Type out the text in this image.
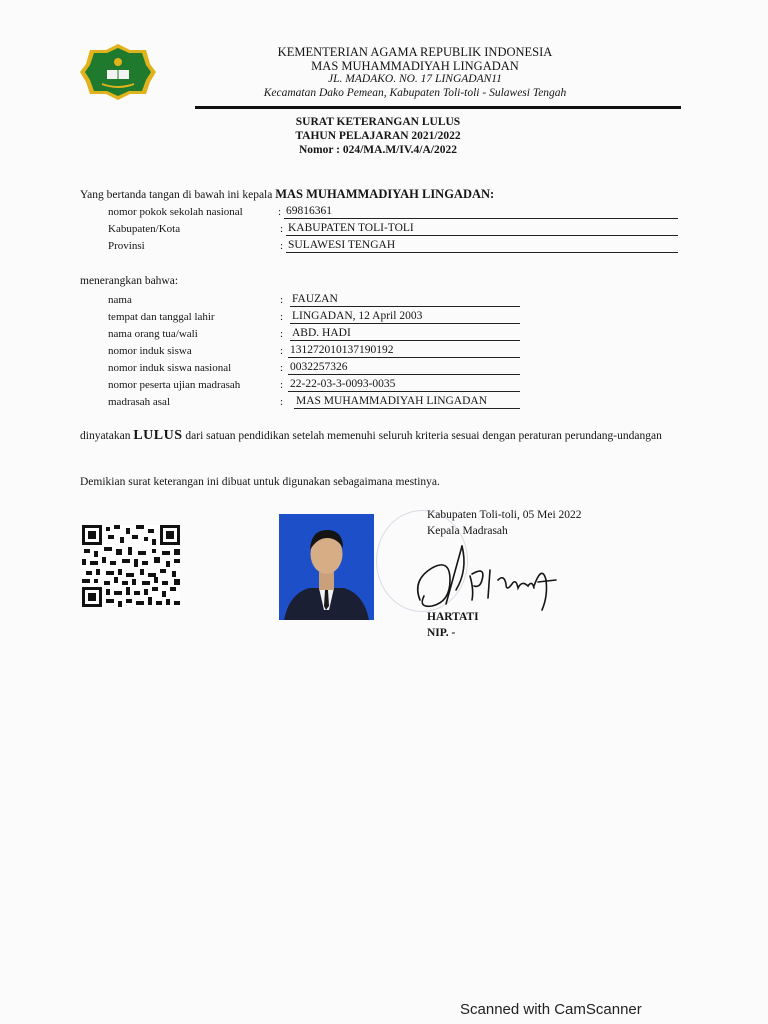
KEMENTERIAN AGAMA REPUBLIK INDONESIA
MAS MUHAMMADIYAH LINGADAN
JL. MADAKO. NO. 17 LINGADAN11
Kecamatan Dako Pemean, Kabupaten Toli-toli - Sulawesi Tengah
SURAT KETERANGAN LULUS
TAHUN PELAJARAN 2021/2022
Nomor : 024/MA.M/IV.4/A/2022
Yang bertanda tangan di bawah ini kepala MAS MUHAMMADIYAH LINGADAN:
nomor pokok sekolah nasional	: 69816361
Kabupaten/Kota	: KABUPATEN TOLI-TOLI
Provinsi	: SULAWESI TENGAH
menerangkan bahwa:
nama	: FAUZAN
tempat dan tanggal lahir	: LINGADAN, 12 April 2003
nama orang tua/wali	: ABD. HADI
nomor induk siswa	: 131272010137190192
nomor induk siswa nasional	: 0032257326
nomor peserta ujian madrasah	: 22-22-03-3-0093-0035
madrasah asal	: MAS MUHAMMADIYAH LINGADAN
dinyatakan LULUS dari satuan pendidikan setelah memenuhi seluruh kriteria sesuai dengan peraturan perundang-undangan
Demikian surat keterangan ini dibuat untuk digunakan sebagaimana mestinya.
Kabupaten Toli-toli, 05 Mei 2022
Kepala Madrasah
HARTATI
NIP. -
Scanned with CamScanner
